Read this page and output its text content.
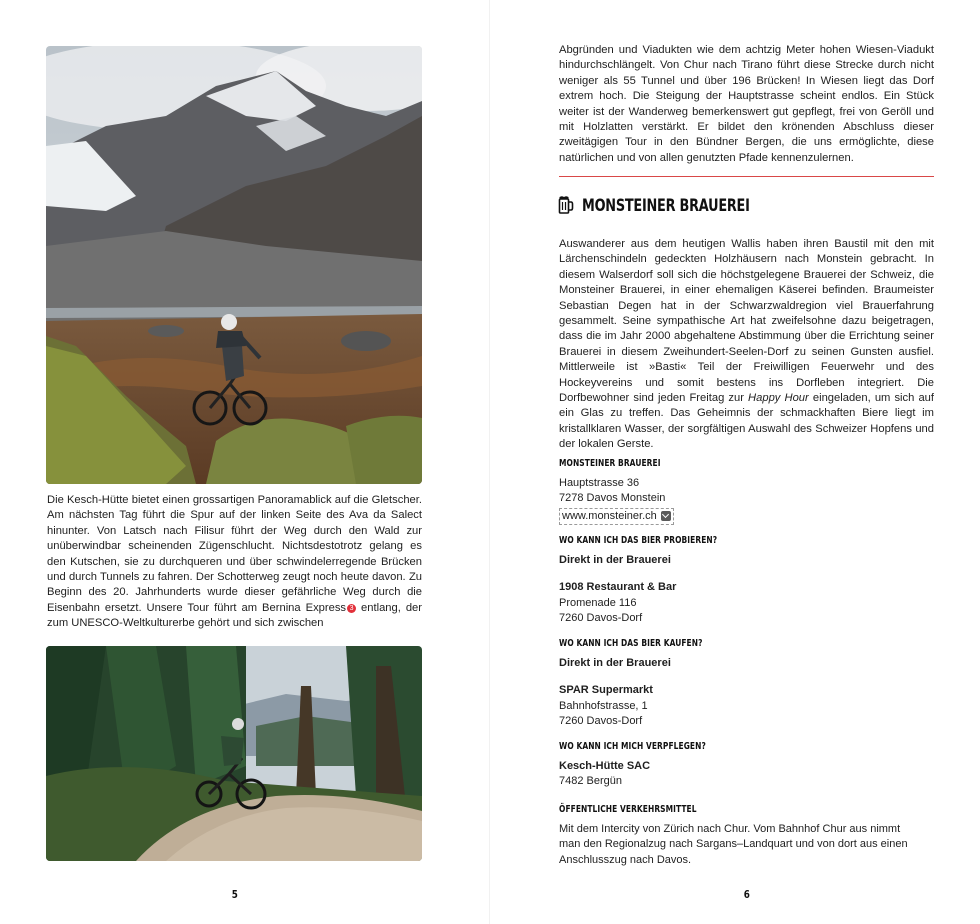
Die Kesch-Hütte bietet einen grossartigen Panoramablick auf die Gletscher. Am nächsten Tag führt die Spur auf der linken Seite des Ava da Salect hinunter. Von Latsch nach Filisur führt der Weg durch den Wald zur unüberwindbar scheinenden Zügenschlucht. Nichtsdestotrotz gelang es den Kutschen, sie zu durchqueren und über schwindelerregende Brücken und durch Tunnels zu fahren. Der Schotterweg zeugt noch heute davon. Zu Beginn des 20. Jahrhunderts wurde dieser gefährliche Weg durch die Eisenbahn ersetzt. Unsere Tour führt am Bernina Express 3 entlang, der zum UNESCO-Weltkulturerbe gehört und sich zwischen

5

Abgründen und Viadukten wie dem achtzig Meter hohen Wiesen-Viadukt hindurchschlängelt. Von Chur nach Tirano führt diese Strecke durch nicht weniger als 55 Tunnel und über 196 Brücken! In Wiesen liegt das Dorf extrem hoch. Die Steigung der Hauptstrasse scheint endlos. Ein Stück weiter ist der Wanderweg bemerkenswert gut gepflegt, frei von Geröll und mit Holzlatten verstärkt. Er bildet den krönenden Abschluss dieser zweitägigen Tour in den Bündner Bergen, die uns ermöglichte, diese natürlichen und von allen genutzten Pfade kennenzulernen.

MONSTEINER BRAUEREI

Auswanderer aus dem heutigen Wallis haben ihren Baustil mit den mit Lärchenschindeln gedeckten Holzhäusern nach Monstein gebracht. In diesem Walserdorf soll sich die höchstgelegene Brauerei der Schweiz, die Monsteiner Brauerei, in einer ehemaligen Käserei befinden. Braumeister Sebastian Degen hat in der Schwarzwaldregion viel Brauerfahrung gesammelt. Seine sympathische Art hat zweifelsohne dazu beigetragen, dass die im Jahr 2000 abgehaltene Abstimmung über die Errichtung seiner Brauerei in diesem Zweihundert-Seelen-Dorf zu seinen Gunsten ausfiel. Mittlerweile ist »Basti« Teil der Freiwilligen Feuerwehr und des Hockeyvereins und somit bestens ins Dorfleben integriert. Die Dorfbewohner sind jeden Freitag zur Happy Hour eingeladen, um sich auf ein Glas zu treffen. Das Geheimnis der schmackhaften Biere liegt im kristallklaren Wasser, der sorgfältigen Auswahl des Schweizer Hopfens und der lokalen Gerste.

MONSTEINER BRAUEREI
Hauptstrasse 36
7278 Davos Monstein
www.monsteiner.ch
WO KANN ICH DAS BIER PROBIEREN?
Direkt in der Brauerei
1908 Restaurant & Bar
Promenade 116
7260 Davos-Dorf
WO KANN ICH DAS BIER KAUFEN?
Direkt in der Brauerei
SPAR Supermarkt
Bahnhofstrasse, 1
7260 Davos-Dorf
WO KANN ICH MICH VERPFLEGEN?
Kesch-Hütte SAC
7482 Bergün
ÖFFENTLICHE VERKEHRSMITTEL
Mit dem Intercity von Zürich nach Chur. Vom Bahnhof Chur aus nimmt man den Regionalzug nach Sargans–Landquart und von dort aus einen Anschlusszug nach Davos.
6
